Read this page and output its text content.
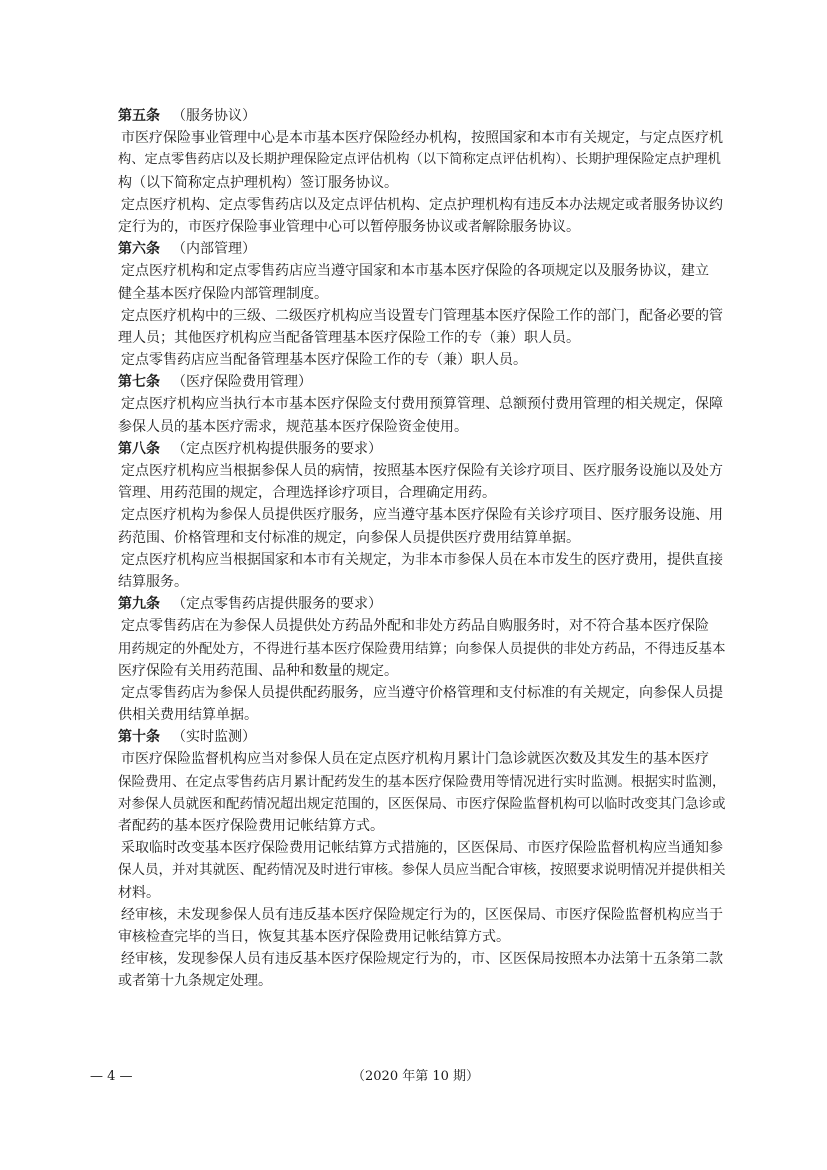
第五条 （服务协议）
市医疗保险事业管理中心是本市基本医疗保险经办机构，按照国家和本市有关规定，与定点医疗机
构、定点零售药店以及长期护理保险定点评估机构（以下简称定点评估机构）、长期护理保险定点护理机
构（以下简称定点护理机构）签订服务协议。
定点医疗机构、定点零售药店以及定点评估机构、定点护理机构有违反本办法规定或者服务协议约
定行为的，市医疗保险事业管理中心可以暂停服务协议或者解除服务协议。
第六条 （内部管理）
定点医疗机构和定点零售药店应当遵守国家和本市基本医疗保险的各项规定以及服务协议，建立
健全基本医疗保险内部管理制度。
定点医疗机构中的三级、二级医疗机构应当设置专门管理基本医疗保险工作的部门，配备必要的管
理人员；其他医疗机构应当配备管理基本医疗保险工作的专（兼）职人员。
定点零售药店应当配备管理基本医疗保险工作的专（兼）职人员。
第七条 （医疗保险费用管理）
定点医疗机构应当执行本市基本医疗保险支付费用预算管理、总额预付费用管理的相关规定，保障
参保人员的基本医疗需求，规范基本医疗保险资金使用。
第八条 （定点医疗机构提供服务的要求）
定点医疗机构应当根据参保人员的病情，按照基本医疗保险有关诊疗项目、医疗服务设施以及处方
管理、用药范围的规定，合理选择诊疗项目，合理确定用药。
定点医疗机构为参保人员提供医疗服务，应当遵守基本医疗保险有关诊疗项目、医疗服务设施、用
药范围、价格管理和支付标准的规定，向参保人员提供医疗费用结算单据。
定点医疗机构应当根据国家和本市有关规定，为非本市参保人员在本市发生的医疗费用，提供直接
结算服务。
第九条 （定点零售药店提供服务的要求）
定点零售药店在为参保人员提供处方药品外配和非处方药品自购服务时，对不符合基本医疗保险
用药规定的外配处方，不得进行基本医疗保险费用结算；向参保人员提供的非处方药品，不得违反基本
医疗保险有关用药范围、品种和数量的规定。
定点零售药店为参保人员提供配药服务，应当遵守价格管理和支付标准的有关规定，向参保人员提
供相关费用结算单据。
第十条 （实时监测）
市医疗保险监督机构应当对参保人员在定点医疗机构月累计门急诊就医次数及其发生的基本医疗
保险费用、在定点零售药店月累计配药发生的基本医疗保险费用等情况进行实时监测。根据实时监测，
对参保人员就医和配药情况超出规定范围的，区医保局、市医疗保险监督机构可以临时改变其门急诊或
者配药的基本医疗保险费用记帐结算方式。
采取临时改变基本医疗保险费用记帐结算方式措施的，区医保局、市医疗保险监督机构应当通知参
保人员，并对其就医、配药情况及时进行审核。参保人员应当配合审核，按照要求说明情况并提供相关
材料。
经审核，未发现参保人员有违反基本医疗保险规定行为的，区医保局、市医疗保险监督机构应当于
审核检查完毕的当日，恢复其基本医疗保险费用记帐结算方式。
经审核，发现参保人员有违反基本医疗保险规定行为的，市、区医保局按照本办法第十五条第二款
或者第十九条规定处理。
— 4 —	（2020 年第 10 期）
